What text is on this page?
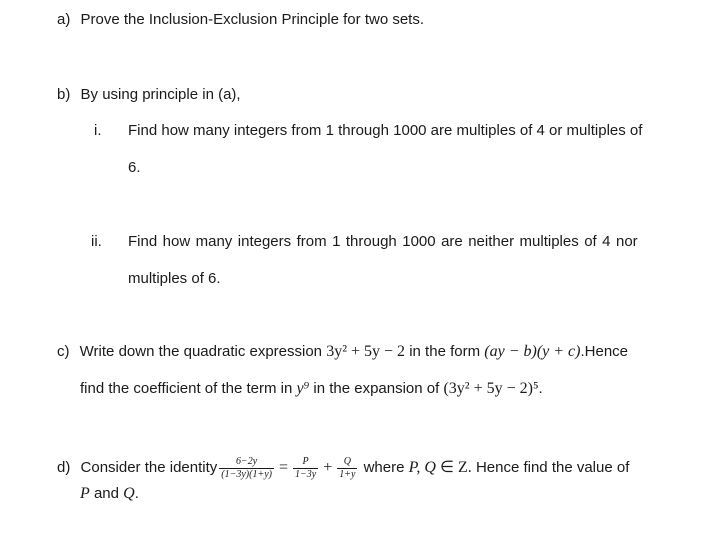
a) Prove the Inclusion-Exclusion Principle for two sets.
b) By using principle in (a),
i. Find how many integers from 1 through 1000 are multiples of 4 or multiples of
6.
ii. Find how many integers from 1 through 1000 are neither multiples of 4 nor
multiples of 6.
c) Write down the quadratic expression 3y² + 5y − 2 in the form (ay − b)(y + c).Hence
find the coefficient of the term in y⁹ in the expansion of (3y² + 5y − 2)⁵.
d) Consider the identity $\frac{6-2y}{(1-3y)(1+y)} = \frac{P}{1-3y} + \frac{Q}{1+y}$ where P, Q ∈ Z. Hence find the value of
P and Q.
